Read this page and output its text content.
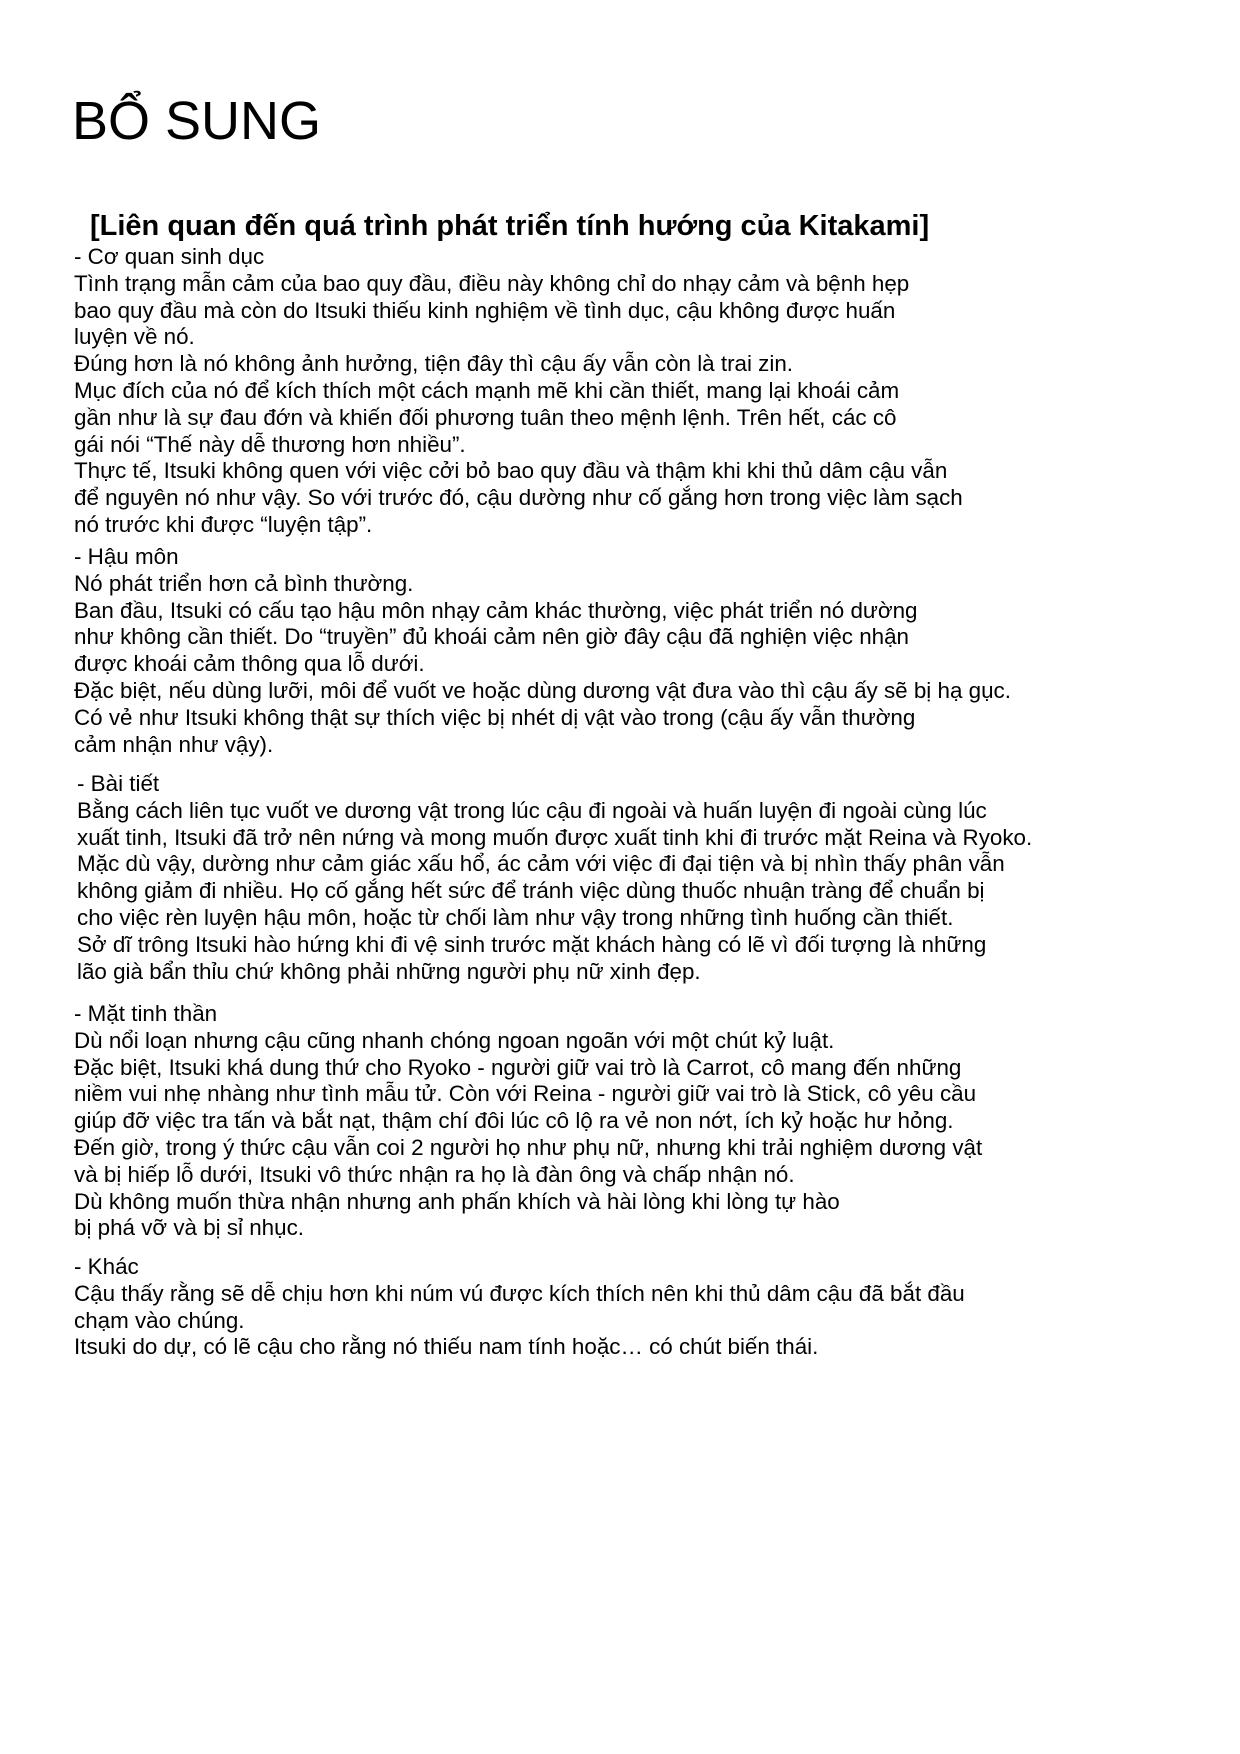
BỔ SUNG
[Liên quan đến quá trình phát triển tính hướng của Kitakami]
- Cơ quan sinh dục
Tình trạng mẫn cảm của bao quy đầu, điều này không chỉ do nhạy cảm và bệnh hẹp
bao quy đầu mà còn do Itsuki thiếu kinh nghiệm về tình dục, cậu không được huấn
luyện về nó.
Đúng hơn là nó không ảnh hưởng, tiện đây thì cậu ấy vẫn còn là trai zin.
Mục đích của nó để kích thích một cách mạnh mẽ khi cần thiết, mang lại khoái cảm
gần như là sự đau đớn và khiến đối phương tuân theo mệnh lệnh. Trên hết, các cô
gái nói “Thế này dễ thương hơn nhiều”.
Thực tế, Itsuki không quen với việc cởi bỏ bao quy đầu và thậm khi khi thủ dâm cậu vẫn
để nguyên nó như vậy. So với trước đó, cậu dường như cố gắng hơn trong việc làm sạch
nó trước khi được “luyện tập”.
- Hậu môn
Nó phát triển hơn cả bình thường.
Ban đầu, Itsuki có cấu tạo hậu môn nhạy cảm khác thường, việc phát triển nó dường
như không cần thiết. Do “truyền” đủ khoái cảm nên giờ đây cậu đã nghiện việc nhận
được khoái cảm thông qua lỗ dưới.
Đặc biệt, nếu dùng lưỡi, môi để vuốt ve hoặc dùng dương vật đưa vào thì cậu ấy sẽ bị hạ gục.
Có vẻ như Itsuki không thật sự thích việc bị nhét dị vật vào trong (cậu ấy vẫn thường
cảm nhận như vậy).
- Bài tiết
Bằng cách liên tục vuốt ve dương vật trong lúc cậu đi ngoài và huấn luyện đi ngoài cùng lúc
xuất tinh, Itsuki đã trở nên nứng và mong muốn được xuất tinh khi đi trước mặt Reina và Ryoko.
Mặc dù vậy, dường như cảm giác xấu hổ, ác cảm với việc đi đại tiện và bị nhìn thấy phân vẫn
không giảm đi nhiều. Họ cố gắng hết sức để tránh việc dùng thuốc nhuận tràng để chuẩn bị
cho việc rèn luyện hậu môn, hoặc từ chối làm như vậy trong những tình huống cần thiết.
Sở dĩ trông Itsuki hào hứng khi đi vệ sinh trước mặt khách hàng có lẽ vì đối tượng là những
lão già bẩn thỉu chứ không phải những người phụ nữ xinh đẹp.
- Mặt tinh thần
Dù nổi loạn nhưng cậu cũng nhanh chóng ngoan ngoãn với một chút kỷ luật.
Đặc biệt, Itsuki khá dung thứ cho Ryoko - người giữ vai trò là Carrot, cô mang đến những
niềm vui nhẹ nhàng như tình mẫu tử. Còn với Reina - người giữ vai trò là Stick, cô yêu cầu
giúp đỡ việc tra tấn và bắt nạt, thậm chí đôi lúc cô lộ ra vẻ non nớt, ích kỷ hoặc hư hỏng.
Đến giờ, trong ý thức cậu vẫn coi 2 người họ như phụ nữ, nhưng khi trải nghiệm dương vật
và bị hiếp lỗ dưới, Itsuki vô thức nhận ra họ là đàn ông và chấp nhận nó.
Dù không muốn thừa nhận nhưng anh phấn khích và hài lòng khi lòng tự hào
bị phá vỡ và bị sỉ nhục.
- Khác
Cậu thấy rằng sẽ dễ chịu hơn khi núm vú được kích thích nên khi thủ dâm cậu đã bắt đầu
chạm vào chúng.
Itsuki do dự, có lẽ cậu cho rằng nó thiếu nam tính hoặc… có chút biến thái.
